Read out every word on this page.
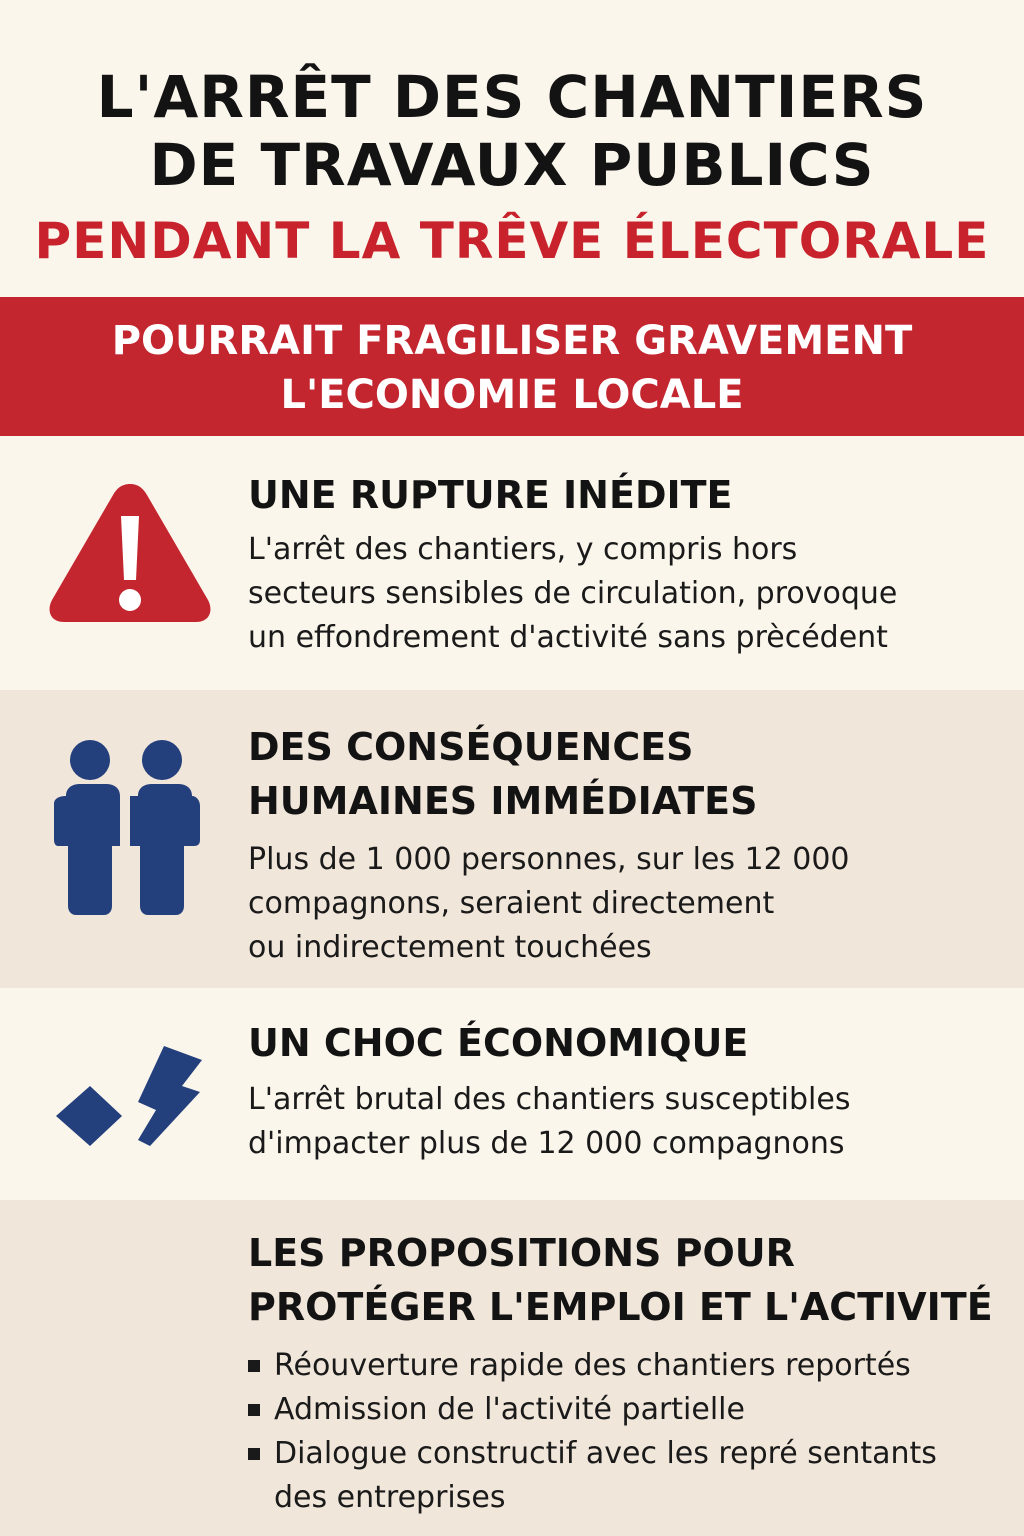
L'ARRÊT DES CHANTIERS
DE TRAVAUX PUBLICS
PENDANT LA TRÊVE ÉLECTORALE
POURRAIT FRAGILISER GRAVEMENT
L'ECONOMIE LOCALE
UNE RUPTURE INÉDITE
L'arrêt des chantiers, y compris hors
secteurs sensibles de circulation, provoque
un effondrement d'activité sans prècédent
DES CONSÉQUENCES
HUMAINES IMMÉDIATES
Plus de 1 000 personnes, sur les 12 000
compagnons, seraient directement
ou indirectement touchées
UN CHOC ÉCONOMIQUE
L'arrêt brutal des chantiers susceptibles
d'impacter plus de 12 000 compagnons
LES PROPOSITIONS POUR
PROTÉGER L'EMPLOI ET L'ACTIVITÉ
Réouverture rapide des chantiers reportés
Admission de l'activité partielle
Dialogue constructif avec les repré sentants
des entreprises
